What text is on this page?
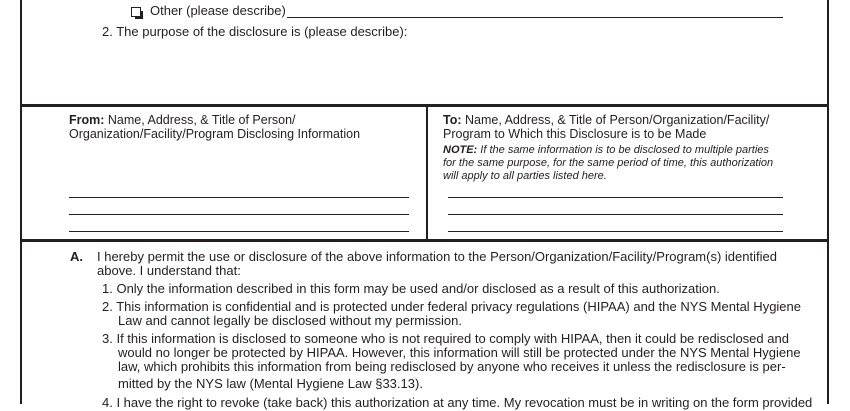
Other (please describe)
2. The purpose of the disclosure is (please describe):
From: Name, Address, & Title of Person/
Organization/Facility/Program Disclosing Information
To: Name, Address, & Title of Person/Organization/Facility/
Program to Which this Disclosure is to be Made
NOTE: If the same information is to be disclosed to multiple parties
for the same purpose, for the same period of time, this authorization
will apply to all parties listed here.
A. I hereby permit the use or disclosure of the above information to the Person/Organization/Facility/Program(s) identified
above. I understand that:
1. Only the information described in this form may be used and/or disclosed as a result of this authorization.
2. This information is confidential and is protected under federal privacy regulations (HIPAA) and the NYS Mental Hygiene
Law and cannot legally be disclosed without my permission.
3. If this information is disclosed to someone who is not required to comply with HIPAA, then it could be redisclosed and
would no longer be protected by HIPAA. However, this information will still be protected under the NYS Mental Hygiene
law, which prohibits this information from being redisclosed by anyone who receives it unless the redisclosure is per-
mitted by the NYS law (Mental Hygiene Law §33.13).
4. I have the right to revoke (take back) this authorization at any time. My revocation must be in writing on the form provided
